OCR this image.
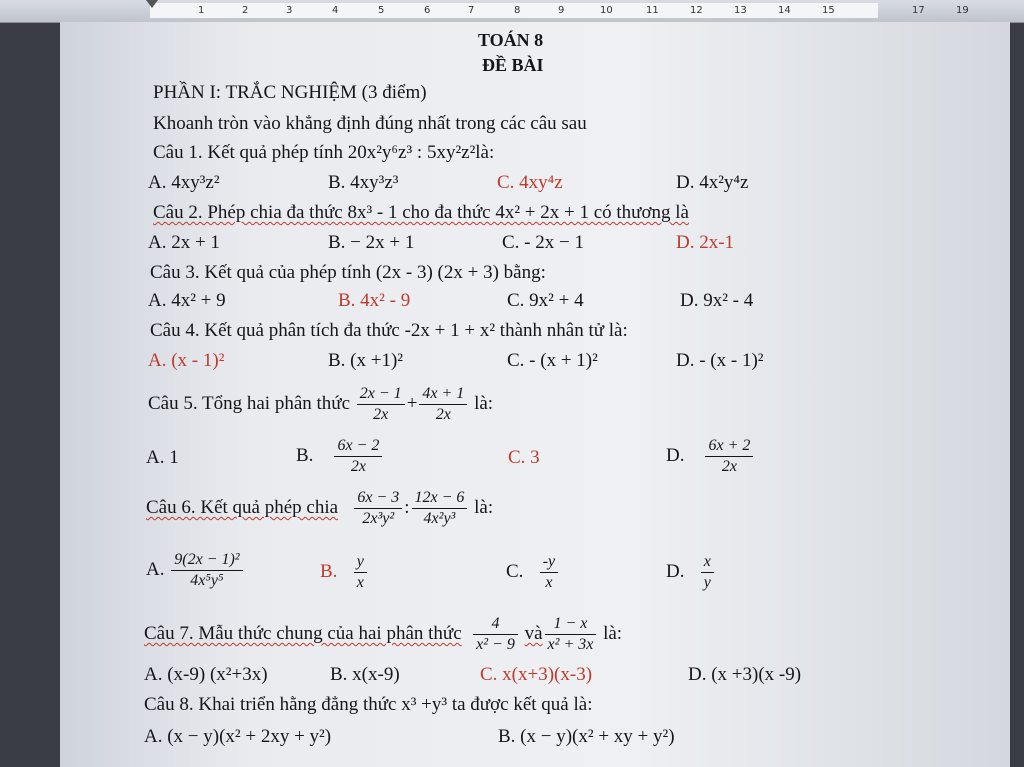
1	2	3	4	5	6	7	8	9	10	11	12	13	14	15	17	19
TOÁN 8
ĐỀ BÀI
PHẦN I: TRẮC NGHIỆM (3 điểm)
Khoanh tròn vào khẳng định đúng nhất trong các câu sau
Câu 1. Kết quả phép tính 20x²y⁶z³ : 5xy²z²là:
A. 4xy³z²	B. 4xy³z³	C. 4xy⁴z	D. 4x²y⁴z
Câu 2. Phép chia đa thức 8x³ - 1 cho đa thức 4x² + 2x + 1 có thương là
A. 2x + 1	B. − 2x + 1	C. - 2x − 1	D. 2x-1
Câu 3. Kết quả của phép tính (2x - 3) (2x + 3) bằng:
A. 4x² + 9	B. 4x² - 9	C. 9x² + 4	D. 9x² - 4
Câu 4. Kết quả phân tích đa thức -2x + 1 + x² thành nhân tử là:
A. (x - 1)²	B. (x +1)²	C. - (x + 1)²	D. - (x - 1)²
Câu 5. Tổng hai phân thức $\frac{2x - 1}{2x} + \frac{4x + 1}{2x}$ là:
A. 1	B. $\frac{6x - 2}{2x}$	C. 3	D. $\frac{6x + 2}{2x}$
Câu 6. Kết quả phép chia $\frac{6x - 3}{\text{2x³y²}}$ : $\frac{12x - 6}{\text{4x²y³}}$ là:
A. $\frac{\text{9(2x − 1)²}}{\text{4x⁵y⁵}}$	B. $\frac{y}{x}$	C. $\frac{-y}{x}$	D. $\frac{x}{y}$
Câu 7. Mẫu thức chung của hai phân thức $\frac{4}{\text{x² − 9}}$ và $\frac{1 - x}{\text{x² + 3x}}$ là:
A. (x-9) (x²+3x)	B. x(x-9)	C. x(x+3)(x-3)	D. (x +3)(x -9)
Câu 8. Khai triển hằng đẳng thức x³ +y³ ta được kết quả là:
A. (x − y)(x² + 2xy + y²)	B. (x − y)(x² + xy + y²)
